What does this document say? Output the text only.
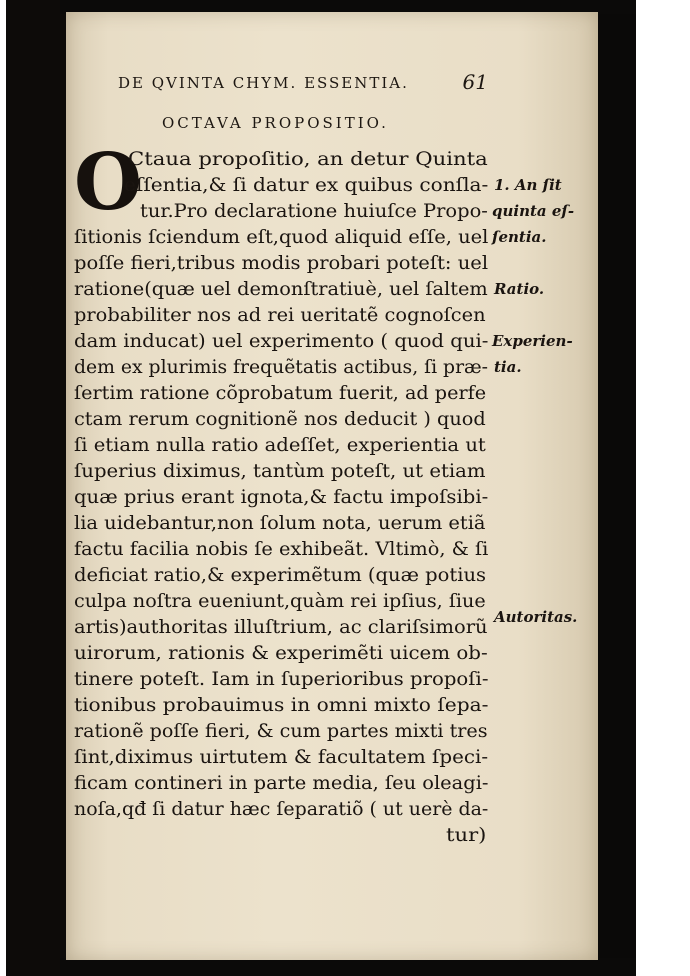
DE QVINTA CHYM. ESSENTIA.	61
OCTAVA PROPOSITIO.
O
Ctaua propoſitio, an detur Quinta
eſſentia,& ſi datur ex quibus conſla-
tur.Pro declaratione huiuſce Propo-
ſitionis ſciendum eſt,quod aliquid eſſe, uel
poſſe fieri,tribus modis probari poteſt: uel
ratione(quæ uel demonſtratiuè, uel ſaltem
probabiliter nos ad rei ueritatẽ cognoſcen
dam inducat) uel experimento ( quod qui-
dem ex plurimis frequẽtatis actibus, ſi præ-
ſertim ratione cõprobatum fuerit, ad perfe
ctam rerum cognitionẽ nos deducit ) quod
ſi etiam nulla ratio adeſſet, experientia ut
ſuperius diximus, tantùm poteſt, ut etiam
quæ prius erant ignota,& factu impoſsibi-
lia uidebantur,non ſolum nota, uerum etiã
factu facilia nobis ſe exhibeãt. Vltimò, & ſi
deficiat ratio,& experimẽtum (quæ potius
culpa noſtra eueniunt,quàm rei ipſius, ſiue
artis)authoritas illuſtrium, ac clariſsimorũ
uirorum, rationis & experimẽti uicem ob-
tinere poteſt. Iam in ſuperioribus propoſi-
tionibus probauimus in omni mixto ſepa-
rationẽ poſſe fieri, & cum partes mixti tres
ſint,diximus uirtutem & facultatem ſpeci-
ficam contineri in parte media, ſeu oleagi-
noſa,qđ ſi datur hæc ſeparatiõ ( ut uerè da-
tur)
1. An ſit
quinta eſ-
ſentia.
Ratio.
Experien-
tia.
Autoritas.
